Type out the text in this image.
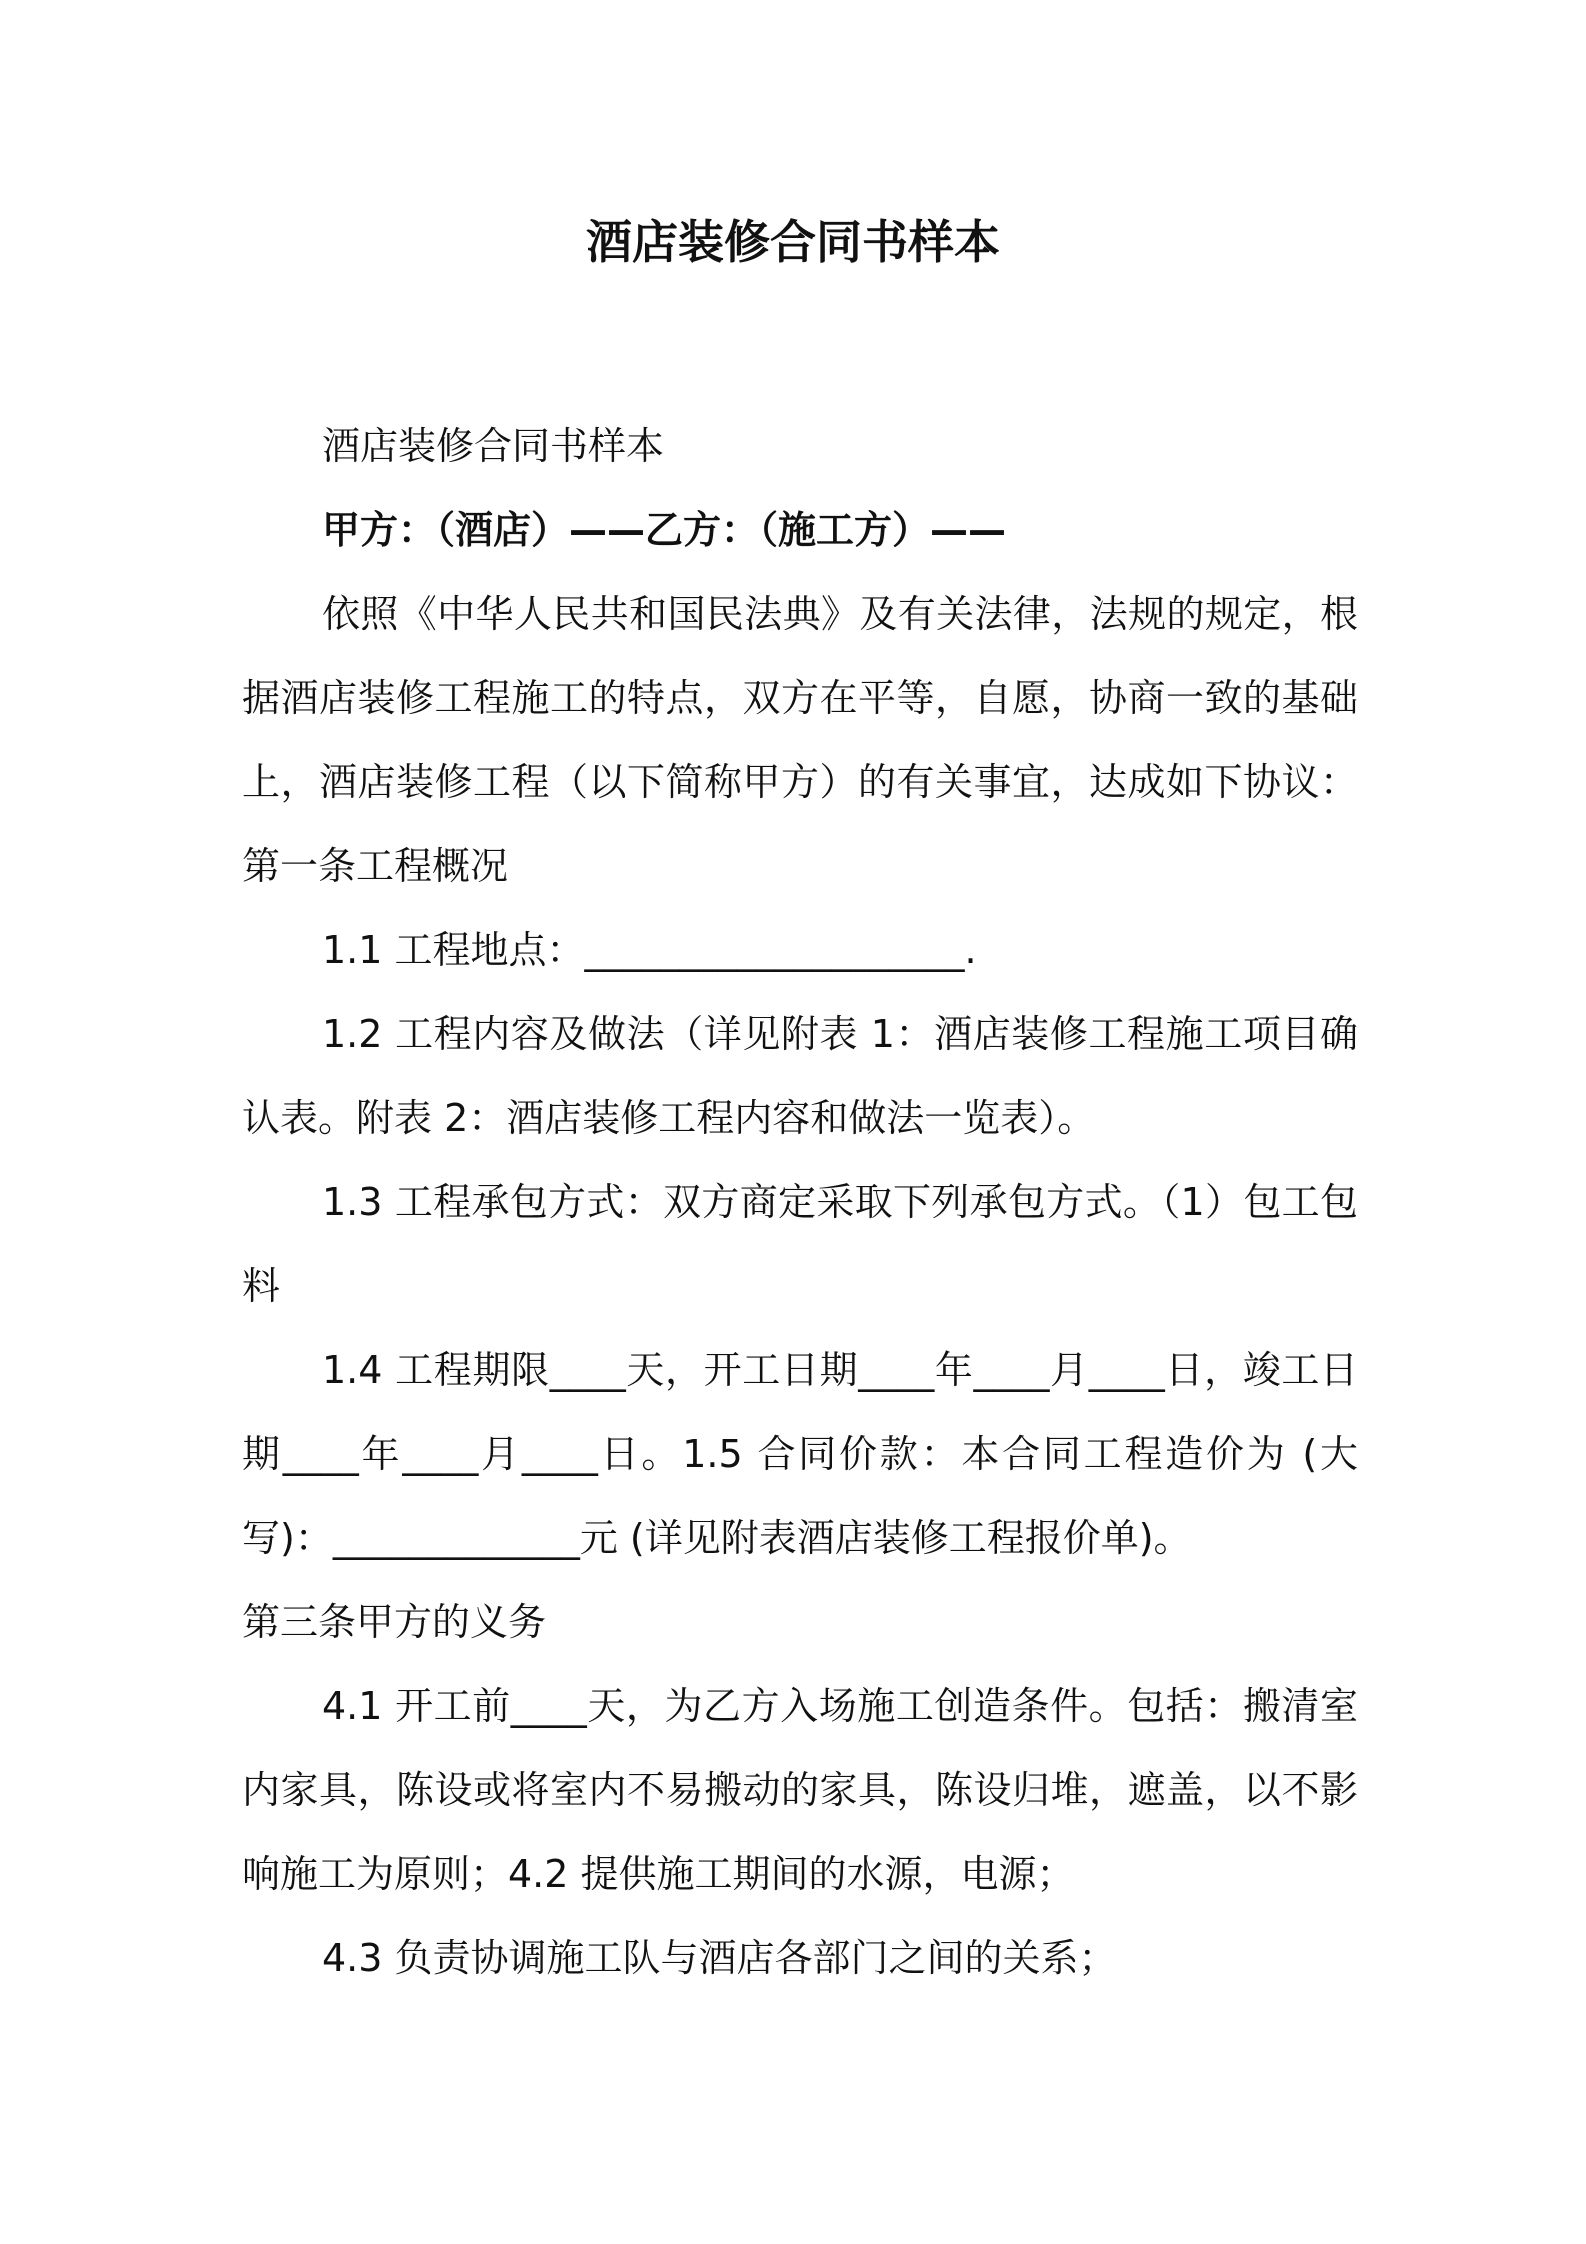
酒店装修合同书样本

酒店装修合同书样本

甲方：（酒店）——乙方：（施工方）——

依照《中华人民共和国民法典》及有关法律，法规的规定，根据酒店装修工程施工的特点，双方在平等，自愿，协商一致的基础上，酒店装修工程（以下简称甲方）的有关事宜，达成如下协议：第一条工程概况

1.1 工程地点：____________________.

1.2 工程内容及做法（详见附表 1：酒店装修工程施工项目确认表。附表 2：酒店装修工程内容和做法一览表）。

1.3 工程承包方式：双方商定采取下列承包方式。（1）包工包料

1.4 工程期限____天，开工日期____年____月____日，竣工日期____年____月____日。1.5 合同价款：本合同工程造价为 (大写)：_____________元 (详见附表酒店装修工程报价单)。

第三条甲方的义务

4.1 开工前____天，为乙方入场施工创造条件。包括：搬清室内家具，陈设或将室内不易搬动的家具，陈设归堆，遮盖，以不影响施工为原则；4.2 提供施工期间的水源，电源；

4.3 负责协调施工队与酒店各部门之间的关系；
